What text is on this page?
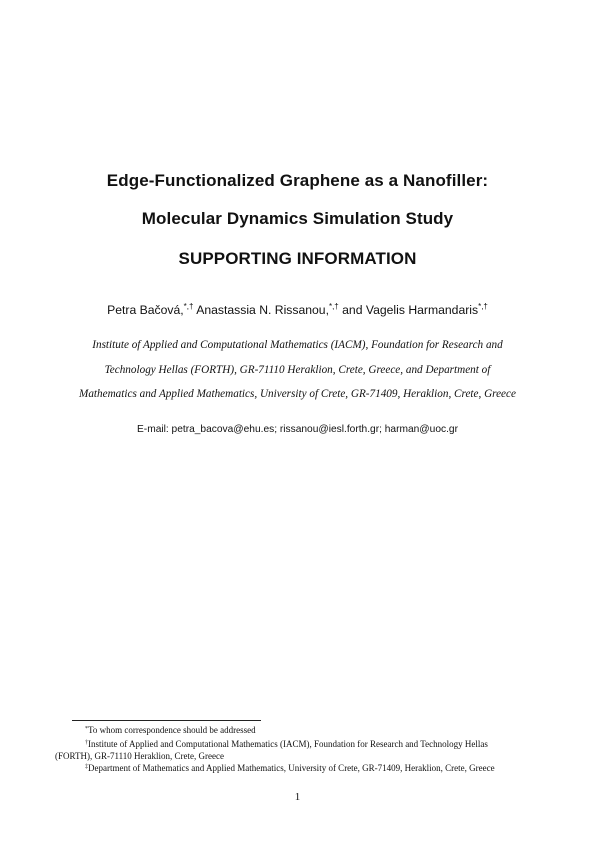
Edge-Functionalized Graphene as a Nanofiller:
Molecular Dynamics Simulation Study
SUPPORTING INFORMATION
Petra Bačová,*,† Anastassia N. Rissanou,*,† and Vagelis Harmandaris*,†
Institute of Applied and Computational Mathematics (IACM), Foundation for Research and
Technology Hellas (FORTH), GR-71110 Heraklion, Crete, Greece, and Department of
Mathematics and Applied Mathematics, University of Crete, GR-71409, Heraklion, Crete, Greece
E-mail: petra_bacova@ehu.es; rissanou@iesl.forth.gr; harman@uoc.gr
*To whom correspondence should be addressed
†Institute of Applied and Computational Mathematics (IACM), Foundation for Research and Technology Hellas
(FORTH), GR-71110 Heraklion, Crete, Greece
‡Department of Mathematics and Applied Mathematics, University of Crete, GR-71409, Heraklion, Crete, Greece
1
